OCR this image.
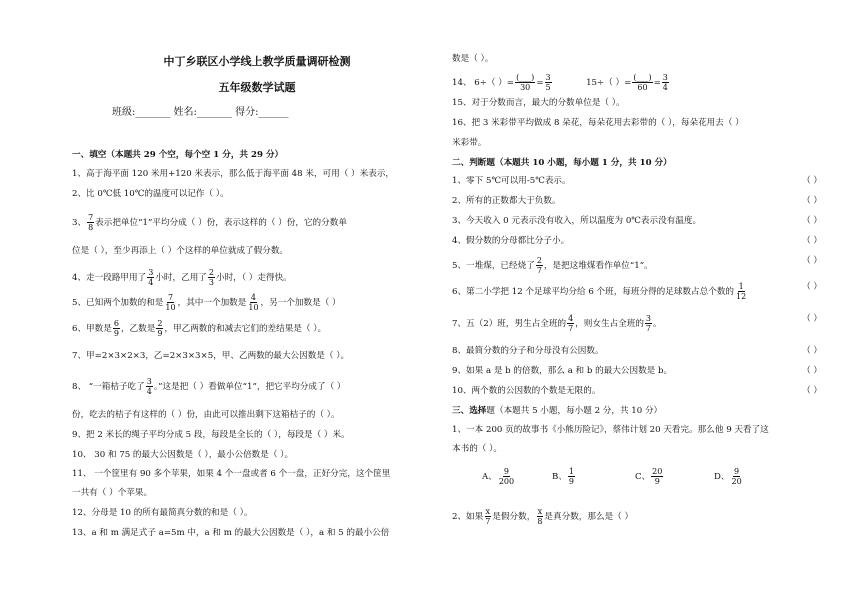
中丁乡联区小学线上教学质量调研检测
五年级数学试题
班级:_______ 姓名:_______ 得分:______
一、填空（本题共 29 个空，每个空 1 分，共 29 分）
1、高于海平面 120 米用+120 米表示，那么低于海平面 48 米，可用（ ）米表示，
2、比 0℃低 10℃的温度可以记作（ ）。
3、 $\frac{7}{8}$ 表示把单位“1”平均分成（ ）份，表示这样的（ ）份，它的分数单
位是（ ），至少再添上（ ）个这样的单位就成了假分数。
4、走一段路甲用了 $\frac{3}{4}$ 小时，乙用了 $\frac{2}{3}$ 小时，（ ）走得快。
5、已知两个加数的和是 $\frac{7}{10}$ ，其中一个加数是 $\frac{4}{10}$ ，另一个加数是（ ）
6、甲数是 $\frac{6}{9}$ ，乙数是 $\frac{2}{9}$ ，甲乙两数的和减去它们的差结果是（ ）。
7、甲=2×3×2×3，乙=2×3×3×5，甲、乙两数的最大公因数是（ ）。
8、 “一箱桔子吃了 $\frac{3}{4}$ 。”这是把（ ）看做单位“1”，把它平均分成了（ ）
份，吃去的桔子有这样的（ ）份，由此可以推出剩下这箱桔子的（ ）。
9、把 2 米长的绳子平均分成 5 段，每段是全长的（ ），每段是（ ）米。
10、 30 和 75 的最大公因数是（ ），最小公倍数是（ ）。
11、 一个筐里有 90 多个苹果，如果 4 个一盘或者 6 个一盘，正好分完，这个筐里
一共有（ ）个苹果。
12、分母是 10 的所有最简真分数的和是（ ）。
13、a 和 m 满足式子 a=5m 中，a 和 m 的最大公因数是（ ），a 和 5 的最小公倍
数是（ ）。
14、 6÷（ ）= $\frac{(\_\_\_)}{30} = \frac{3}{5}$	15÷（ ）= $\frac{(\_\_\_)}{60} = \frac{3}{4}$
15、对于分数而言，最大的分数单位是（ ）。
16、把 3 米彩带平均做成 8 朵花，每朵花用去彩带的（ ），每朵花用去（ ）
米彩带。
二、判断题（本题共 10 小题，每小题 1 分，共 10 分）
1、零下 5℃可以用-5℃表示。	（ ）
2、所有的正数都大于负数。	（ ）
3、今天收入 0 元表示没有收入，所以温度为 0℃表示没有温度。	（ ）
4、假分数的分母都比分子小。	（ ）
5、一堆煤，已经烧了 $\frac{2}{7}$ ，是把这堆煤看作单位“1”。	（ ）
6、第二小学把 12 个足球平均分给 6 个班，每班分得的足球数占总个数的 $\frac{1}{12}$	（ ）
7、五（2）班，男生占全班的 $\frac{4}{7}$ ，则女生占全班的 $\frac{3}{7}$ 。	（ ）
8、最简分数的分子和分母没有公因数。	（ ）
9、如果 a 是 b 的倍数，那么 a 和 b 的最大公因数是 b。	（ ）
10、两个数的公因数的个数是无限的。	（ ）
三、选择题（本题共 5 小题，每小题 2 分，共 10 分）
1、一本 200 页的故事书《小熊历险记》，蔡伟计划 20 天看完。那么他 9 天看了这
本书的（ ）。
A、 $\frac{9}{200}$	B、 $\frac{1}{9}$	C、 $\frac{20}{9}$	D、 $\frac{9}{20}$
2、如果 $\frac{x}{7}$ 是假分数， $\frac{x}{8}$ 是真分数，那么是（ ）
